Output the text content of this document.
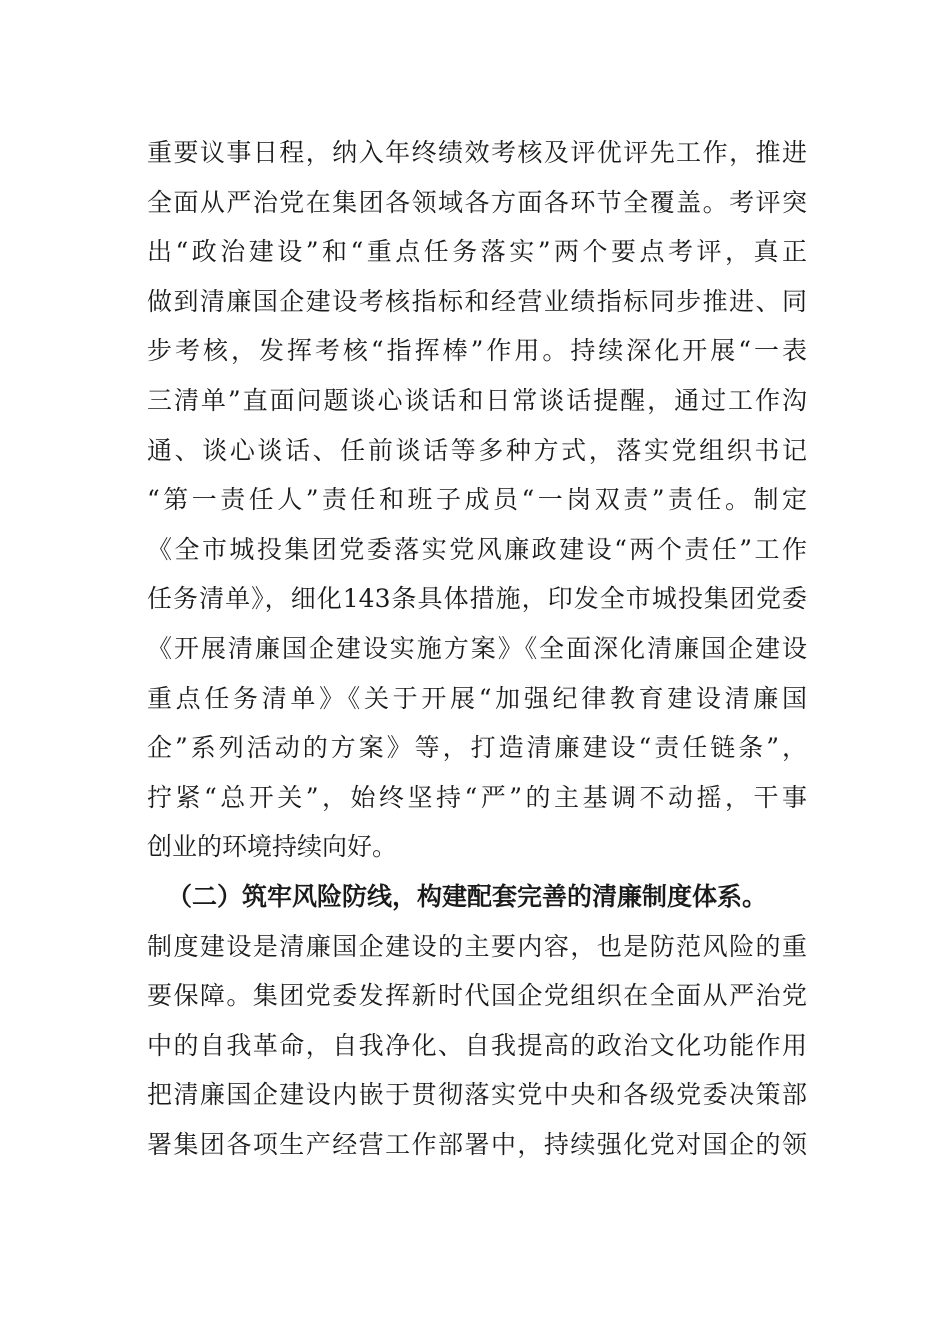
重要议事日程，纳入年终绩效考核及评优评先工作，推进
全面从严治党在集团各领域各方面各环节全覆盖。考评突
出“政治建设”和“重点任务落实”两个要点考评，真正
做到清廉国企建设考核指标和经营业绩指标同步推进、同
步考核，发挥考核“指挥棒”作用。持续深化开展“一表
三清单”直面问题谈心谈话和日常谈话提醒，通过工作沟
通、谈心谈话、任前谈话等多种方式，落实党组织书记
“第一责任人”责任和班子成员“一岗双责”责任。制定
《全市城投集团党委落实党风廉政建设“两个责任”工作
任务清单》，细化143条具体措施，印发全市城投集团党委
《开展清廉国企建设实施方案》《全面深化清廉国企建设
重点任务清单》《关于开展“加强纪律教育建设清廉国
企”系列活动的方案》等，打造清廉建设“责任链条”，
拧紧“总开关”，始终坚持“严”的主基调不动摇，干事
创业的环境持续向好。
（二）筑牢风险防线，构建配套完善的清廉制度体系。
制度建设是清廉国企建设的主要内容，也是防范风险的重
要保障。集团党委发挥新时代国企党组织在全面从严治党
中的自我革命，自我净化、自我提高的政治文化功能作用
把清廉国企建设内嵌于贯彻落实党中央和各级党委决策部
署集团各项生产经营工作部署中，持续强化党对国企的领
